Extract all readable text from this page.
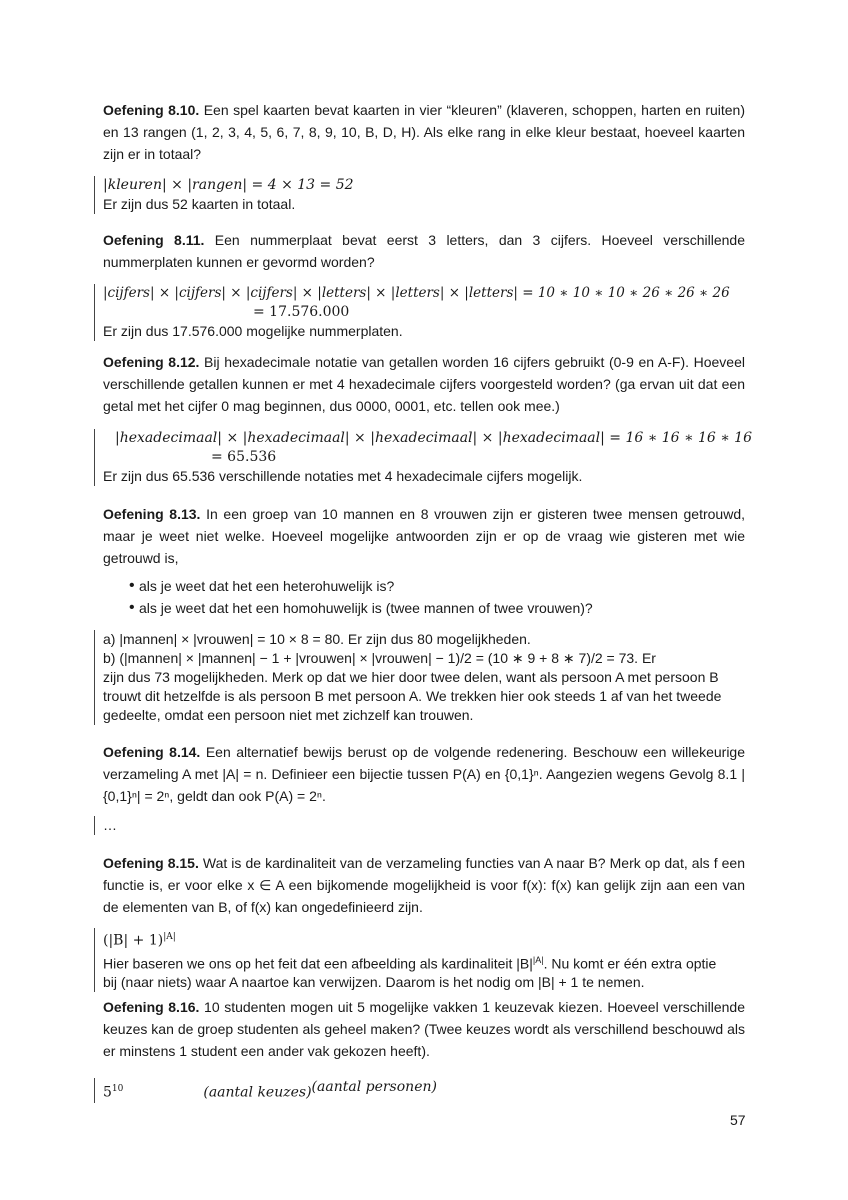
Oefening 8.10. Een spel kaarten bevat kaarten in vier “kleuren” (klaveren, schoppen, harten en ruiten) en 13 rangen (1, 2, 3, 4, 5, 6, 7, 8, 9, 10, B, D, H). Als elke rang in elke kleur bestaat, hoeveel kaarten zijn er in totaal?

|kleuren| × |rangen| = 4 × 13 = 52
Er zijn dus 52 kaarten in totaal.

Oefening 8.11. Een nummerplaat bevat eerst 3 letters, dan 3 cijfers. Hoeveel verschillende nummerplaten kunnen er gevormd worden?

|cijfers| × |cijfers| × |cijfers| × |letters| × |letters| × |letters| = 10 ∗ 10 ∗ 10 ∗ 26 ∗ 26 ∗ 26
= 17.576.000
Er zijn dus 17.576.000 mogelijke nummerplaten.

Oefening 8.12. Bij hexadecimale notatie van getallen worden 16 cijfers gebruikt (0-9 en A-F). Hoeveel verschillende getallen kunnen er met 4 hexadecimale cijfers voorgesteld worden? (ga ervan uit dat een getal met het cijfer 0 mag beginnen, dus 0000, 0001, etc. tellen ook mee.)

|hexadecimaal| × |hexadecimaal| × |hexadecimaal| × |hexadecimaal| = 16 ∗ 16 ∗ 16 ∗ 16
= 65.536
Er zijn dus 65.536 verschillende notaties met 4 hexadecimale cijfers mogelijk.

Oefening 8.13. In een groep van 10 mannen en 8 vrouwen zijn er gisteren twee mensen getrouwd, maar je weet niet welke. Hoeveel mogelijke antwoorden zijn er op de vraag wie gisteren met wie getrouwd is,

• als je weet dat het een heterohuwelijk is?
• als je weet dat het een homohuwelijk is (twee mannen of twee vrouwen)?
a) |mannen| × |vrouwen| = 10 × 8 = 80. Er zijn dus 80 mogelijkheden.
b) (|mannen| × |mannen| − 1 + |vrouwen| × |vrouwen| − 1)/2 = (10 ∗ 9 + 8 ∗ 7)/2 = 73. Er
zijn dus 73 mogelijkheden. Merk op dat we hier door twee delen, want als persoon A met persoon B
trouwt dit hetzelfde is als persoon B met persoon A. We trekken hier ook steeds 1 af van het tweede
gedeelte, omdat een persoon niet met zichzelf kan trouwen.

Oefening 8.14. Een alternatief bewijs berust op de volgende redenering. Beschouw een willekeurige verzameling A met |A| = n. Definieer een bijectie tussen P(A) en {0,1}ⁿ. Aangezien wegens Gevolg 8.1 |{0,1}ⁿ| = 2ⁿ, geldt dan ook P(A) = 2ⁿ.

…

Oefening 8.15. Wat is de kardinaliteit van de verzameling functies van A naar B? Merk op dat, als f een functie is, er voor elke x ∈ A een bijkomende mogelijkheid is voor f(x): f(x) kan gelijk zijn aan een van de elementen van B, of f(x) kan ongedefinieerd zijn.

$(|B| + 1)^{|A|}$
Hier baseren we ons op het feit dat een afbeelding als kardinaliteit $|B|^{|A|}$. Nu komt er één extra optie
bij (naar niets) waar A naartoe kan verwijzen. Daarom is het nodig om |B| + 1 te nemen.

Oefening 8.16. 10 studenten mogen uit 5 mogelijke vakken 1 keuzevak kiezen. Hoeveel verschillende keuzes kan de groep studenten als geheel maken? (Twee keuzes wordt als verschillend beschouwd als er minstens 1 student een ander vak gekozen heeft).

$5^{10}$	(aantal keuzes)$^{(aantal personen)}$
57
